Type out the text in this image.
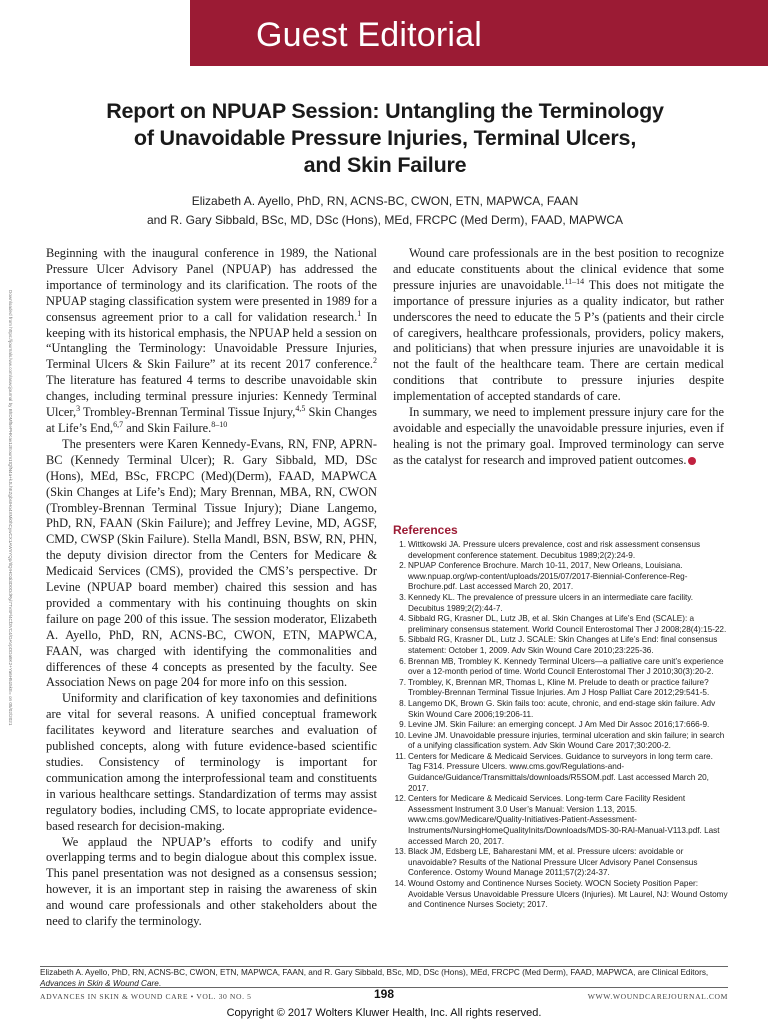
Guest Editorial
Downloaded from https://journals.lww.com/aswcjournal by BhDMf5ePHKav1zEoum1tQfN4a+kJLhEZgbsIHo4XMi0hCywCX1AWnYQp/IlQrHD3i3D0OdRyi7TvSFl4Cf3VC4/OAVpDDa8K2+Ya6H515kE= on 05/02/2021
Report on NPUAP Session: Untangling the Terminology
of Unavoidable Pressure Injuries, Terminal Ulcers,
and Skin Failure
Elizabeth A. Ayello, PhD, RN, ACNS-BC, CWON, ETN, MAPWCA, FAAN
and R. Gary Sibbald, BSc, MD, DSc (Hons), MEd, FRCPC (Med Derm), FAAD, MAPWCA

Beginning with the inaugural conference in 1989, the National Pressure Ulcer Advisory Panel (NPUAP) has addressed the importance of terminology and its clarification. The roots of the NPUAP staging classification system were presented in 1989 for a consensus agreement prior to a call for validation research.$^1$ In keeping with its historical emphasis, the NPUAP held a session on “Untangling the Terminology: Unavoidable Pressure Injuries, Terminal Ulcers & Skin Failure” at its recent 2017 conference.$^2$ The literature has featured 4 terms to describe unavoidable skin changes, including terminal pressure injuries: Kennedy Terminal Ulcer,$^3$ Trombley-Brennan Terminal Tissue Injury,$^{4,5}$ Skin Changes at Life’s End,$^{6,7}$ and Skin Failure.$^{8-10}$

The presenters were Karen Kennedy-Evans, RN, FNP, APRN-BC (Kennedy Terminal Ulcer); R. Gary Sibbald, MD, DSc (Hons), MEd, BSc, FRCPC (Med)(Derm), FAAD, MAPWCA (Skin Changes at Life’s End); Mary Brennan, MBA, RN, CWON (Trombley-Brennan Terminal Tissue Injury); Diane Langemo, PhD, RN, FAAN (Skin Failure); and Jeffrey Levine, MD, AGSF, CMD, CWSP (Skin Failure). Stella Mandl, BSN, BSW, RN, PHN, the deputy division director from the Centers for Medicare & Medicaid Services (CMS), provided the CMS’s perspective. Dr Levine (NPUAP board member) chaired this session and has provided a commentary with his continuing thoughts on skin failure on page 200 of this issue. The session moderator, Elizabeth A. Ayello, PhD, RN, ACNS-BC, CWON, ETN, MAPWCA, FAAN, was charged with identifying the commonalities and differences of these 4 concepts as presented by the faculty. See Association News on page 204 for more info on this session.

Uniformity and clarification of key taxonomies and definitions are vital for several reasons. A unified conceptual framework facilitates keyword and literature searches and evaluation of published concepts, along with future evidence-based scientific studies. Consistency of terminology is important for communication among the interprofessional team and constituents in various healthcare settings. Standardization of terms may assist regulatory bodies, including CMS, to locate appropriate evidence-based research for decision-making.

We applaud the NPUAP’s efforts to codify and unify overlapping terms and to begin dialogue about this complex issue. This panel presentation was not designed as a consensus session; however, it is an important step in raising the awareness of skin and wound care professionals and other stakeholders about the need to clarify the terminology.

Wound care professionals are in the best position to recognize and educate constituents about the clinical evidence that some pressure injuries are unavoidable.$^{11-14}$ This does not mitigate the importance of pressure injuries as a quality indicator, but rather underscores the need to educate the 5 P’s (patients and their circle of caregivers, healthcare professionals, providers, policy makers, and politicians) that when pressure injuries are unavoidable it is not the fault of the healthcare team. There are certain medical conditions that contribute to pressure injuries despite implementation of accepted standards of care.

In summary, we need to implement pressure injury care for the avoidable and especially the unavoidable pressure injuries, even if healing is not the primary goal. Improved terminology can serve as the catalyst for research and improved patient outcomes.

References
1. Wittkowski JA. Pressure ulcers prevalence, cost and risk assessment consensus development conference statement. Decubitus 1989;2(2):24-9.
2. NPUAP Conference Brochure. March 10-11, 2017, New Orleans, Louisiana. www.npuap.org/wp-content/uploads/2015/07/2017-Biennial-Conference-Reg-Brochure.pdf. Last accessed March 20, 2017.
3. Kennedy KL. The prevalence of pressure ulcers in an intermediate care facility. Decubitus 1989;2(2):44-7.
4. Sibbald RG, Krasner DL, Lutz JB, et al. Skin Changes at Life’s End (SCALE): a preliminary consensus statement. World Council Enterostomal Ther J 2008;28(4):15-22.
5. Sibbald RG, Krasner DL, Lutz J. SCALE: Skin Changes at Life’s End: final consensus statement: October 1, 2009. Adv Skin Wound Care 2010;23:225-36.
6. Brennan MB, Trombley K. Kennedy Terminal Ulcers—a palliative care unit’s experience over a 12-month period of time. World Council Enterostomal Ther J 2010;30(3):20-2.
7. Trombley, K, Brennan MR, Thomas L, Kline M. Prelude to death or practice failure? Trombley-Brennan Terminal Tissue Injuries. Am J Hosp Palliat Care 2012;29:541-5.
8. Langemo DK, Brown G. Skin fails too: acute, chronic, and end-stage skin failure. Adv Skin Wound Care 2006;19:206-11.
9. Levine JM. Skin Failure: an emerging concept. J Am Med Dir Assoc 2016;17:666-9.
10. Levine JM. Unavoidable pressure injuries, terminal ulceration and skin failure; in search of a unifying classification system. Adv Skin Wound Care 2017;30:200-2.
11. Centers for Medicare & Medicaid Services. Guidance to surveyors in long term care. Tag F314. Pressure Ulcers. www.cms.gov/Regulations-and-Guidance/Guidance/Transmittals/downloads/R5SOM.pdf. Last accessed March 20, 2017.
12. Centers for Medicare & Medicaid Services. Long-term Care Facility Resident Assessment Instrument 3.0 User’s Manual: Version 1.13, 2015. www.cms.gov/Medicare/Quality-Initiatives-Patient-Assessment-Instruments/NursingHomeQualityInits/Downloads/MDS-30-RAI-Manual-V113.pdf. Last accessed March 20, 2017.
13. Black JM, Edsberg LE, Baharestani MM, et al. Pressure ulcers: avoidable or unavoidable? Results of the National Pressure Ulcer Advisory Panel Consensus Conference. Ostomy Wound Manage 2011;57(2):24-37.
14. Wound Ostomy and Continence Nurses Society. WOCN Society Position Paper: Avoidable Versus Unavoidable Pressure Ulcers (Injuries). Mt Laurel, NJ: Wound Ostomy and Continence Nurses Society; 2017.
Elizabeth A. Ayello, PhD, RN, ACNS-BC, CWON, ETN, MAPWCA, FAAN, and R. Gary Sibbald, BSc, MD, DSc (Hons), MEd, FRCPC (Med Derm), FAAD, MAPWCA, are Clinical Editors,
Advances in Skin & Wound Care.
ADVANCES IN SKIN & WOUND CARE • VOL. 30 NO. 5	198	WWW.WOUNDCAREJOURNAL.COM
Copyright © 2017 Wolters Kluwer Health, Inc. All rights reserved.
